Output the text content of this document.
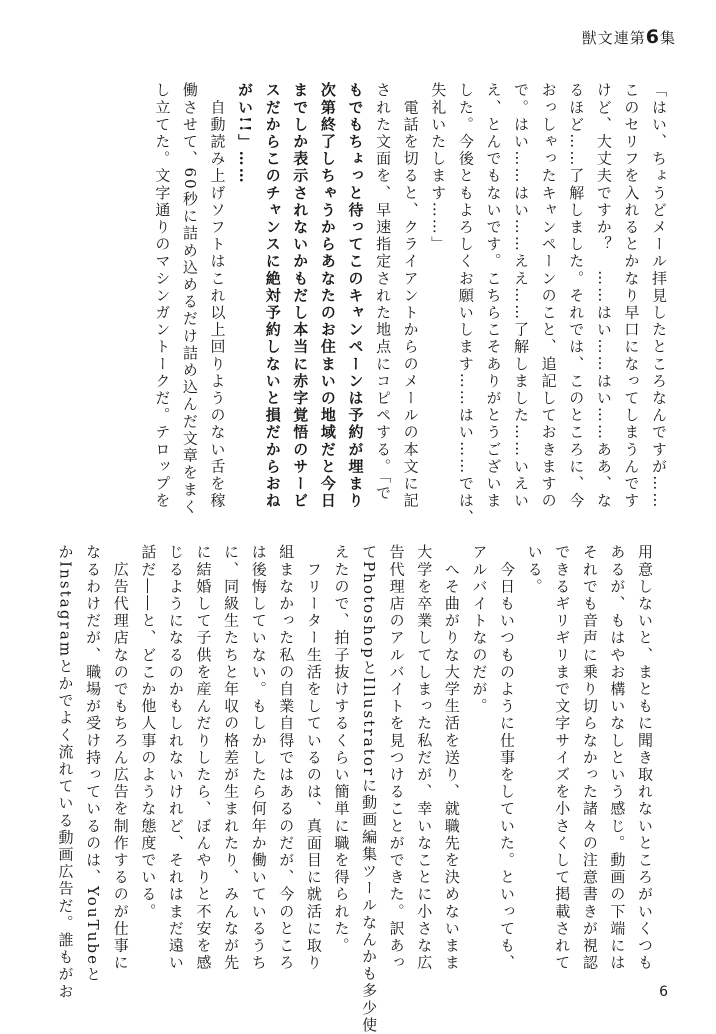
獣文連第6集

「はい、ちょうどメール拝見したところなんですが……

このセリフを入れるとかなり早口になってしまうんです

けど、大丈夫ですか？　……はい……はい……ああ、な

るほど……了解しました。それでは、このところに、今

おっしゃったキャンペーンのこと、追記しておきますの

で。はい……はい……ええ……了解しました……いえい

え、とんでもないです。こちらこそありがとうございま

した。今後ともよろしくお願いします……はい……では、

失礼いたします……」

　電話を切ると、クライアントからのメールの本文に記

された文面を、早速指定された地点にコピペする。「で

もでもちょっと待ってこのキャンペーンは予約が埋まり

次第終了しちゃうからあなたのお住まいの地域だと今日

までしか表示されないかもだし本当に赤字覚悟のサービ

スだからこのチャンスに絶対予約しないと損だからおね

がい!!」……

　自動読み上げソフトはこれ以上回りようのない舌を稼

働させて、60秒に詰め込めるだけ詰め込んだ文章をまく

し立てた。文字通りのマシンガントークだ。テロップを

用意しないと、まともに聞き取れないところがいくつも

あるが、もはやお構いなしという感じ。動画の下端には

それでも音声に乗り切らなかった諸々の注意書きが視認

できるギリギリまで文字サイズを小さくして掲載されて

いる。

　今日もいつものように仕事をしていた。といっても、

アルバイトなのだが。

　へそ曲がりな大学生活を送り、就職先を決めないまま

大学を卒業してしまった私だが、幸いなことに小さな広

告代理店のアルバイトを見つけることができた。訳あっ

てPhotoshopとIllustratorに動画編集ツールなんかも多少使

えたので、拍子抜けするくらい簡単に職を得られた。

　フリーター生活をしているのは、真面目に就活に取り

組まなかった私の自業自得ではあるのだが、今のところ

は後悔していない。もしかしたら何年か働いているうち

に、同級生たちと年収の格差が生まれたり、みんなが先

に結婚して子供を産んだりしたら、ぼんやりと不安を感

じるようになるのかもしれないけれど、それはまだ遠い

話だ――と、どこか他人事のような態度でいる。

　広告代理店なのでもちろん広告を制作するのが仕事に

なるわけだが、職場が受け持っているのは、YouTubeと

かInstagramとかでよく流れている動画広告だ。誰もがお	6
